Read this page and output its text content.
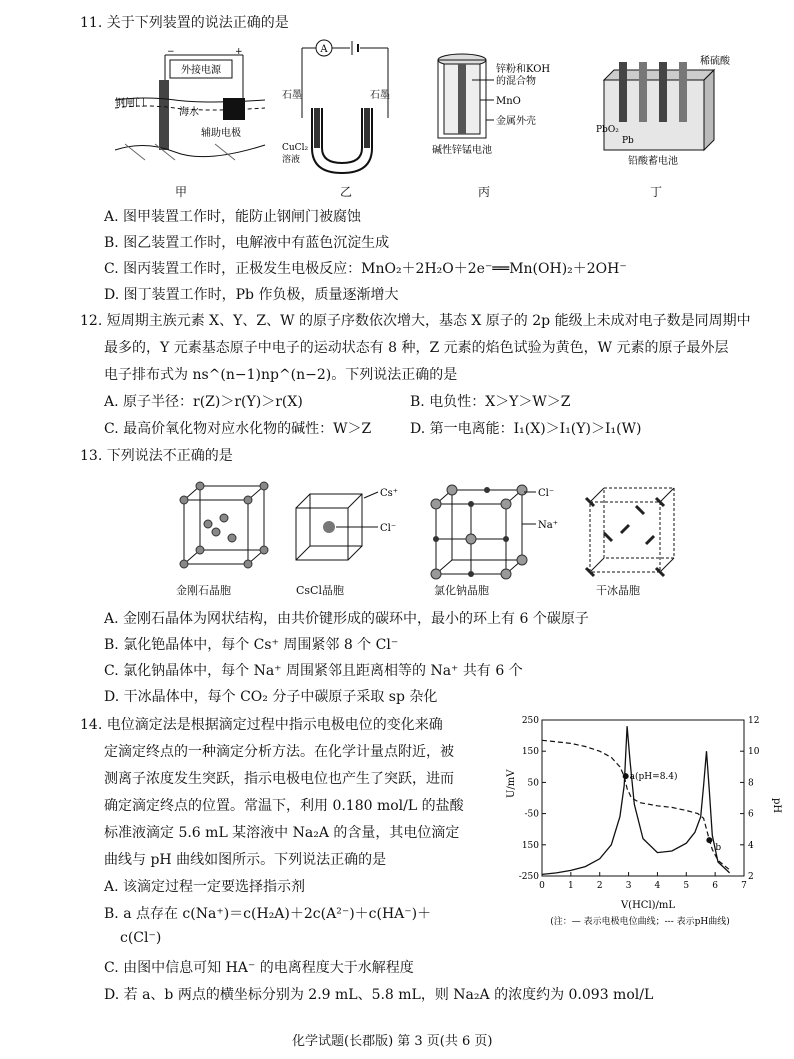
11. 关于下列装置的说法正确的是
外接电源
−	+
钢闸门
海水
辅助电极
甲
A
石墨	石墨
CuCl₂
溶液
乙
锌粉和KOH
的混合物
MnO
金属外壳
碱性锌锰电池
丙
稀硫酸
PbO₂
Pb
铅酸蓄电池
丁
A. 图甲装置工作时，能防止钢闸门被腐蚀
B. 图乙装置工作时，电解液中有蓝色沉淀生成
C. 图丙装置工作时，正极发生电极反应：MnO₂＋2H₂O＋2e⁻══Mn(OH)₂＋2OH⁻
D. 图丁装置工作时，Pb 作负极，质量逐渐增大
12. 短周期主族元素 X、Y、Z、W 的原子序数依次增大，基态 X 原子的 2p 能级上未成对电子数是同周期中
最多的，Y 元素基态原子中电子的运动状态有 8 种，Z 元素的焰色试验为黄色，W 元素的原子最外层
电子排布式为 ns^(n−1)np^(n−2)。下列说法正确的是
A. 原子半径：r(Z)＞r(Y)＞r(X)	B. 电负性：X＞Y＞W＞Z
C. 最高价氧化物对应水化物的碱性：W＞Z	D. 第一电离能：I₁(X)＞I₁(Y)＞I₁(W)
13. 下列说法不正确的是
Cs⁺
Cl⁻
Cl⁻
Na⁺
金刚石晶胞	CsCl晶胞	氯化钠晶胞	干冰晶胞
A. 金刚石晶体为网状结构，由共价键形成的碳环中，最小的环上有 6 个碳原子
B. 氯化铯晶体中，每个 Cs⁺ 周围紧邻 8 个 Cl⁻
C. 氯化钠晶体中，每个 Na⁺ 周围紧邻且距离相等的 Na⁺ 共有 6 个
D. 干冰晶体中，每个 CO₂ 分子中碳原子采取 sp 杂化
14. 电位滴定法是根据滴定过程中指示电极电位的变化来确
定滴定终点的一种滴定分析方法。在化学计量点附近，被
测离子浓度发生突跃，指示电极电位也产生了突跃，进而
确定滴定终点的位置。常温下，利用 0.180 mol/L 的盐酸
标准液滴定 5.6 mL 某溶液中 Na₂A 的含量，其电位滴定
曲线与 pH 曲线如图所示。下列说法正确的是
A. 该滴定过程一定要选择指示剂
B. a 点存在 c(Na⁺)＝c(H₂A)＋2c(A²⁻)＋c(HA⁻)＋
c(Cl⁻)
C. 由图中信息可知 HA⁻ 的电离程度大于水解程度
D. 若 a、b 两点的横坐标分别为 2.9 mL、5.8 mL，则 Na₂A 的浓度约为 0.093 mol/L
0	1	2	3	4	5	6	7
250
150
50
-50
150
-250
12
10
8
6
4
2
a(pH=8.4)
b
U/mV
pH
V(HCl)/mL
(注：— 表示电极电位曲线；--- 表示pH曲线)
化学试题(长郡版) 第 3 页(共 6 页)
